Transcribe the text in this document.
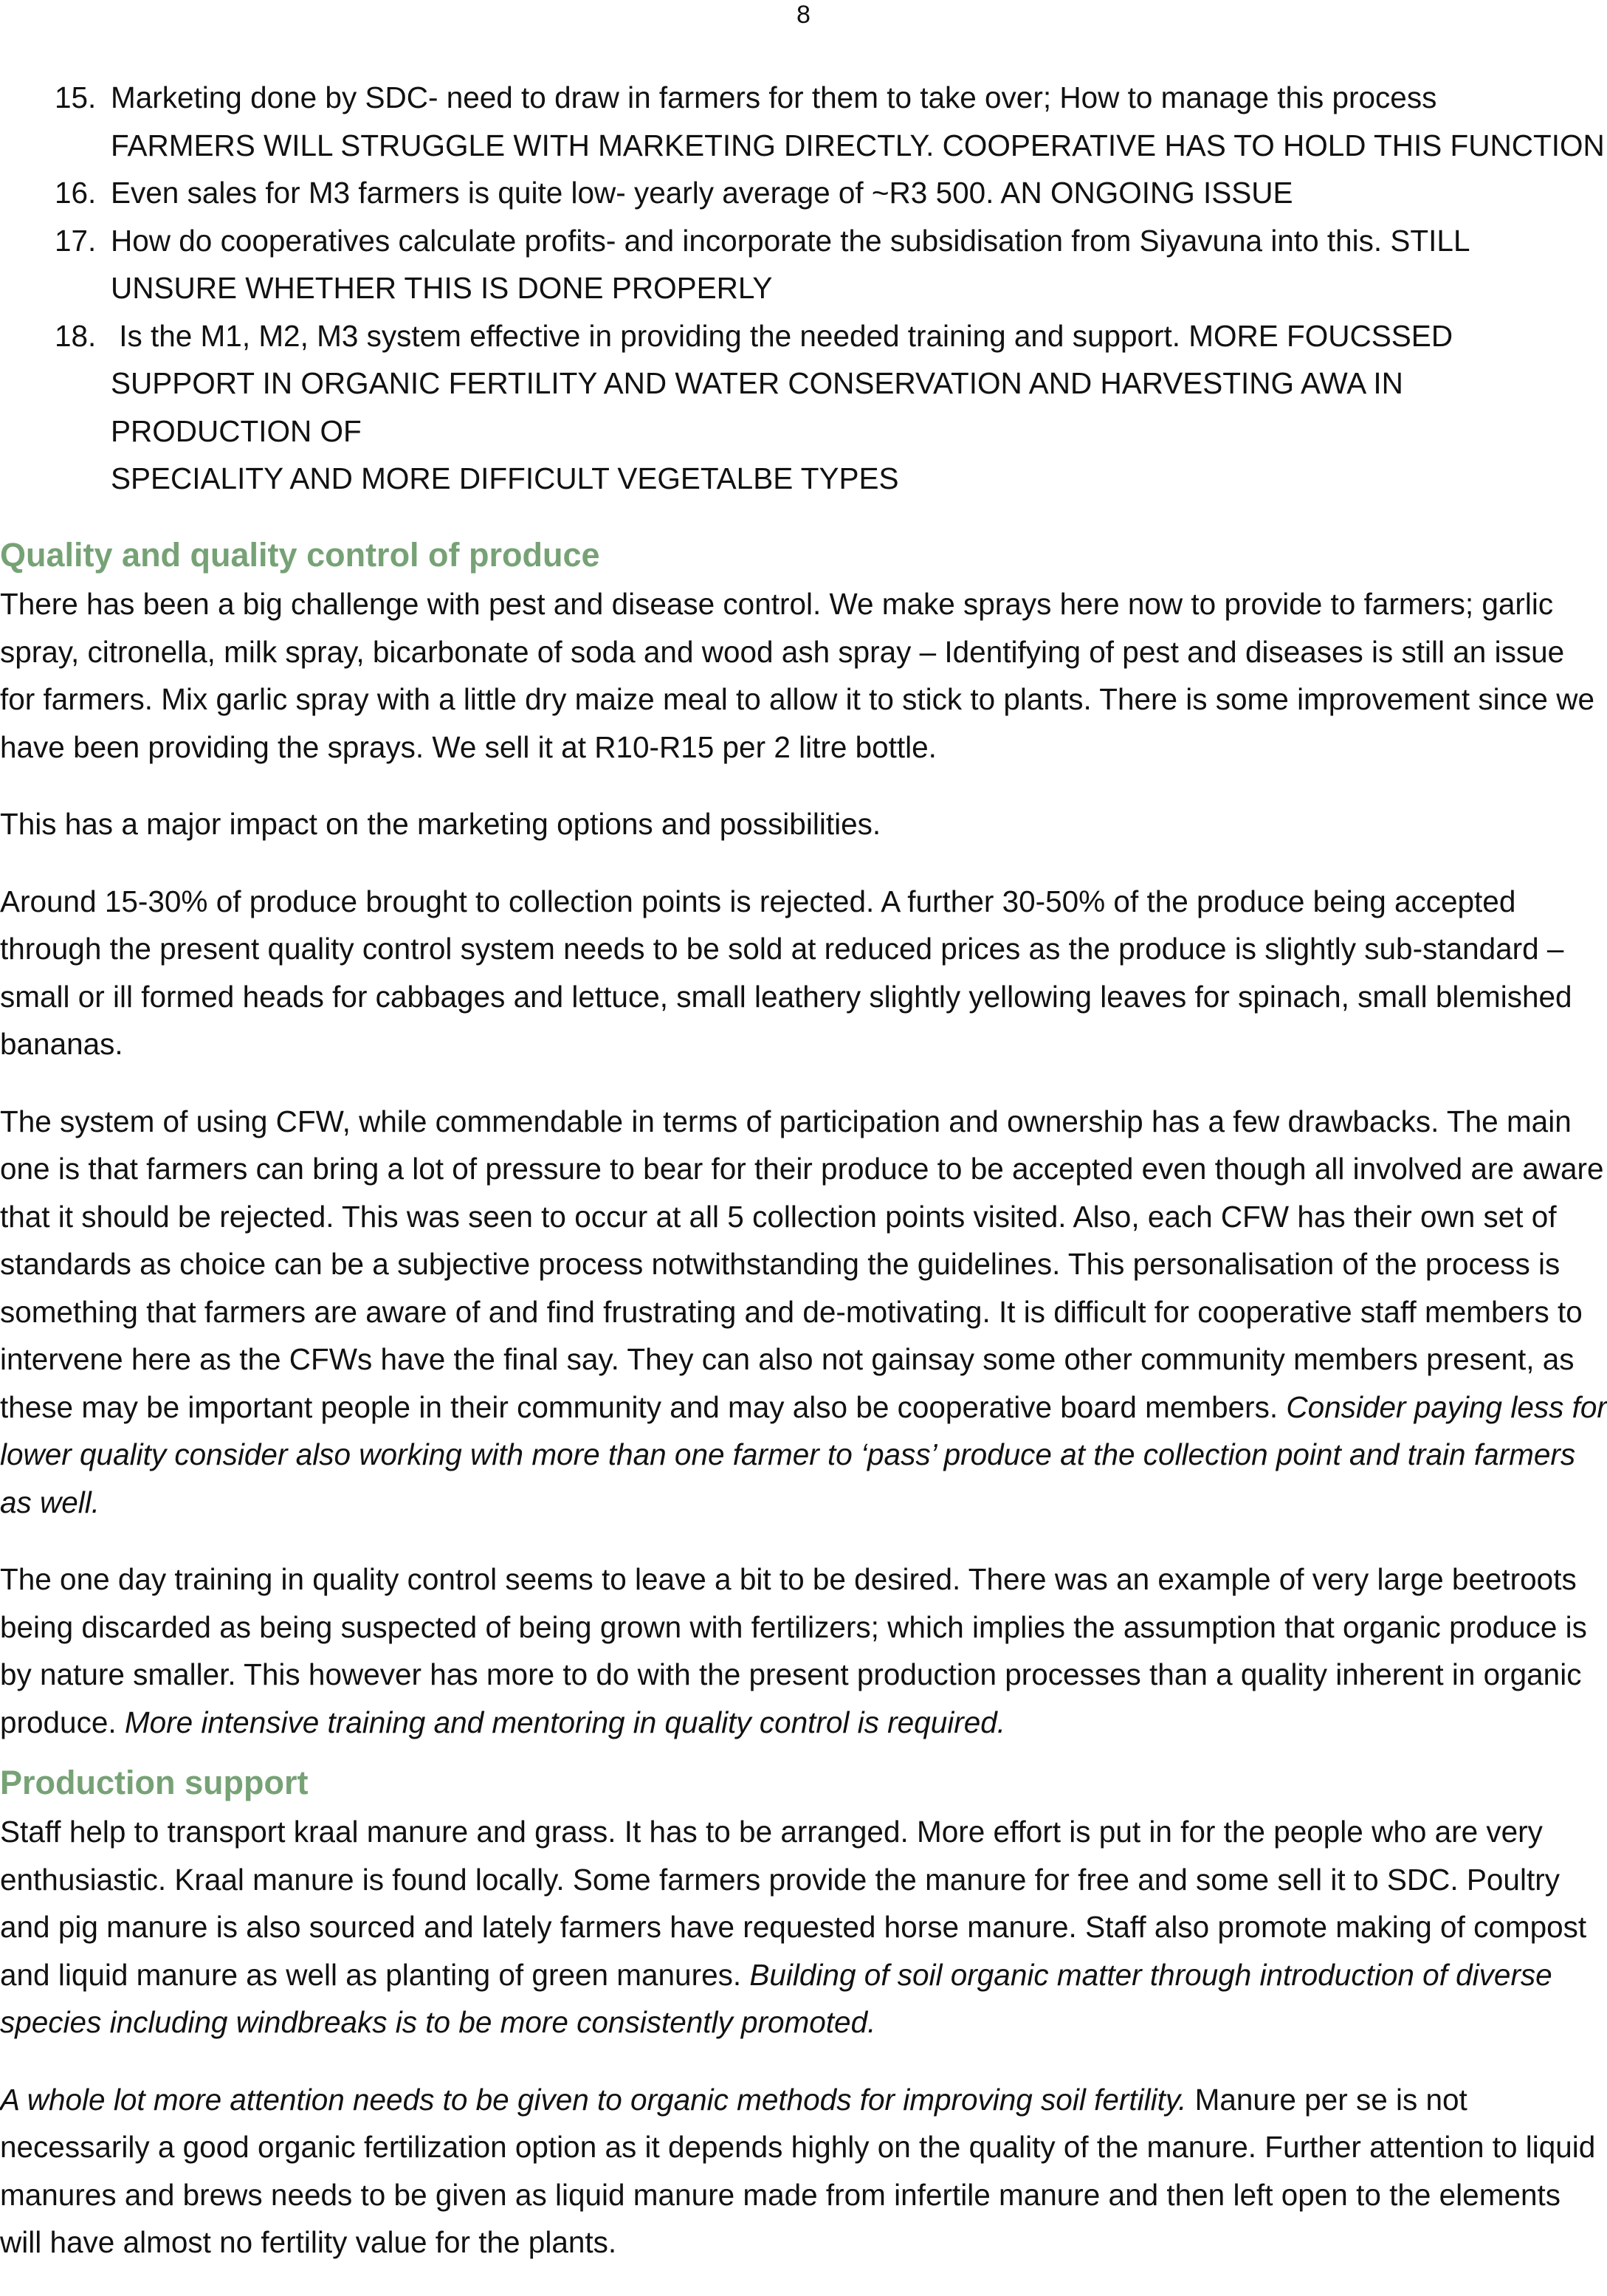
8
15. Marketing done by SDC- need to draw in farmers for them to take over; How to manage this process
FARMERS WILL STRUGGLE WITH MARKETING DIRECTLY. COOPERATIVE HAS TO HOLD THIS FUNCTION
16. Even sales for M3 farmers is quite low- yearly average of ~R3 500. AN ONGOING ISSUE
17. How do cooperatives calculate profits- and incorporate the subsidisation from Siyavuna into this. STILL
UNSURE WHETHER THIS IS DONE PROPERLY
18. Is the M1, M2, M3 system effective in providing the needed training and support. MORE FOUCSSED
SUPPORT IN ORGANIC FERTILITY AND WATER CONSERVATION AND HARVESTING AWA IN PRODUCTION OF
SPECIALITY AND MORE DIFFICULT VEGETALBE TYPES
Quality and quality control of produce

There has been a big challenge with pest and disease control. We make sprays here now to provide to farmers; garlic spray, citronella, milk spray, bicarbonate of soda and wood ash spray – Identifying of pest and diseases is still an issue for farmers. Mix garlic spray with a little dry maize meal to allow it to stick to plants. There is some improvement since we have been providing the sprays. We sell it at R10-R15 per 2 litre bottle.

This has a major impact on the marketing options and possibilities.

Around 15-30% of produce brought to collection points is rejected. A further 30-50% of the produce being accepted through the present quality control system needs to be sold at reduced prices as the produce is slightly sub-standard –small or ill formed heads for cabbages and lettuce, small leathery slightly yellowing leaves for spinach, small blemished bananas.

The system of using CFW, while commendable in terms of participation and ownership has a few drawbacks. The main one is that farmers can bring a lot of pressure to bear for their produce to be accepted even though all involved are aware that it should be rejected. This was seen to occur at all 5 collection points visited. Also, each CFW has their own set of standards as choice can be a subjective process notwithstanding the guidelines. This personalisation of the process is something that farmers are aware of and find frustrating and de-motivating. It is difficult for cooperative staff members to intervene here as the CFWs have the final say. They can also not gainsay some other community members present, as these may be important people in their community and may also be cooperative board members. Consider paying less for lower quality consider also working with more than one farmer to ‘pass’ produce at the collection point and train farmers as well.

The one day training in quality control seems to leave a bit to be desired. There was an example of very large beetroots being discarded as being suspected of being grown with fertilizers; which implies the assumption that organic produce is by nature smaller. This however has more to do with the present production processes than a quality inherent in organic produce. More intensive training and mentoring in quality control is required.

Production support

Staff help to transport kraal manure and grass. It has to be arranged. More effort is put in for the people who are very enthusiastic. Kraal manure is found locally. Some farmers provide the manure for free and some sell it to SDC. Poultry and pig manure is also sourced and lately farmers have requested horse manure. Staff also promote making of compost and liquid manure as well as planting of green manures. Building of soil organic matter through introduction of diverse species including windbreaks is to be more consistently promoted.

A whole lot more attention needs to be given to organic methods for improving soil fertility. Manure per se is not necessarily a good organic fertilization option as it depends highly on the quality of the manure. Further attention to liquid manures and brews needs to be given as liquid manure made from infertile manure and then left open to the elements will have almost no fertility value for the plants.
